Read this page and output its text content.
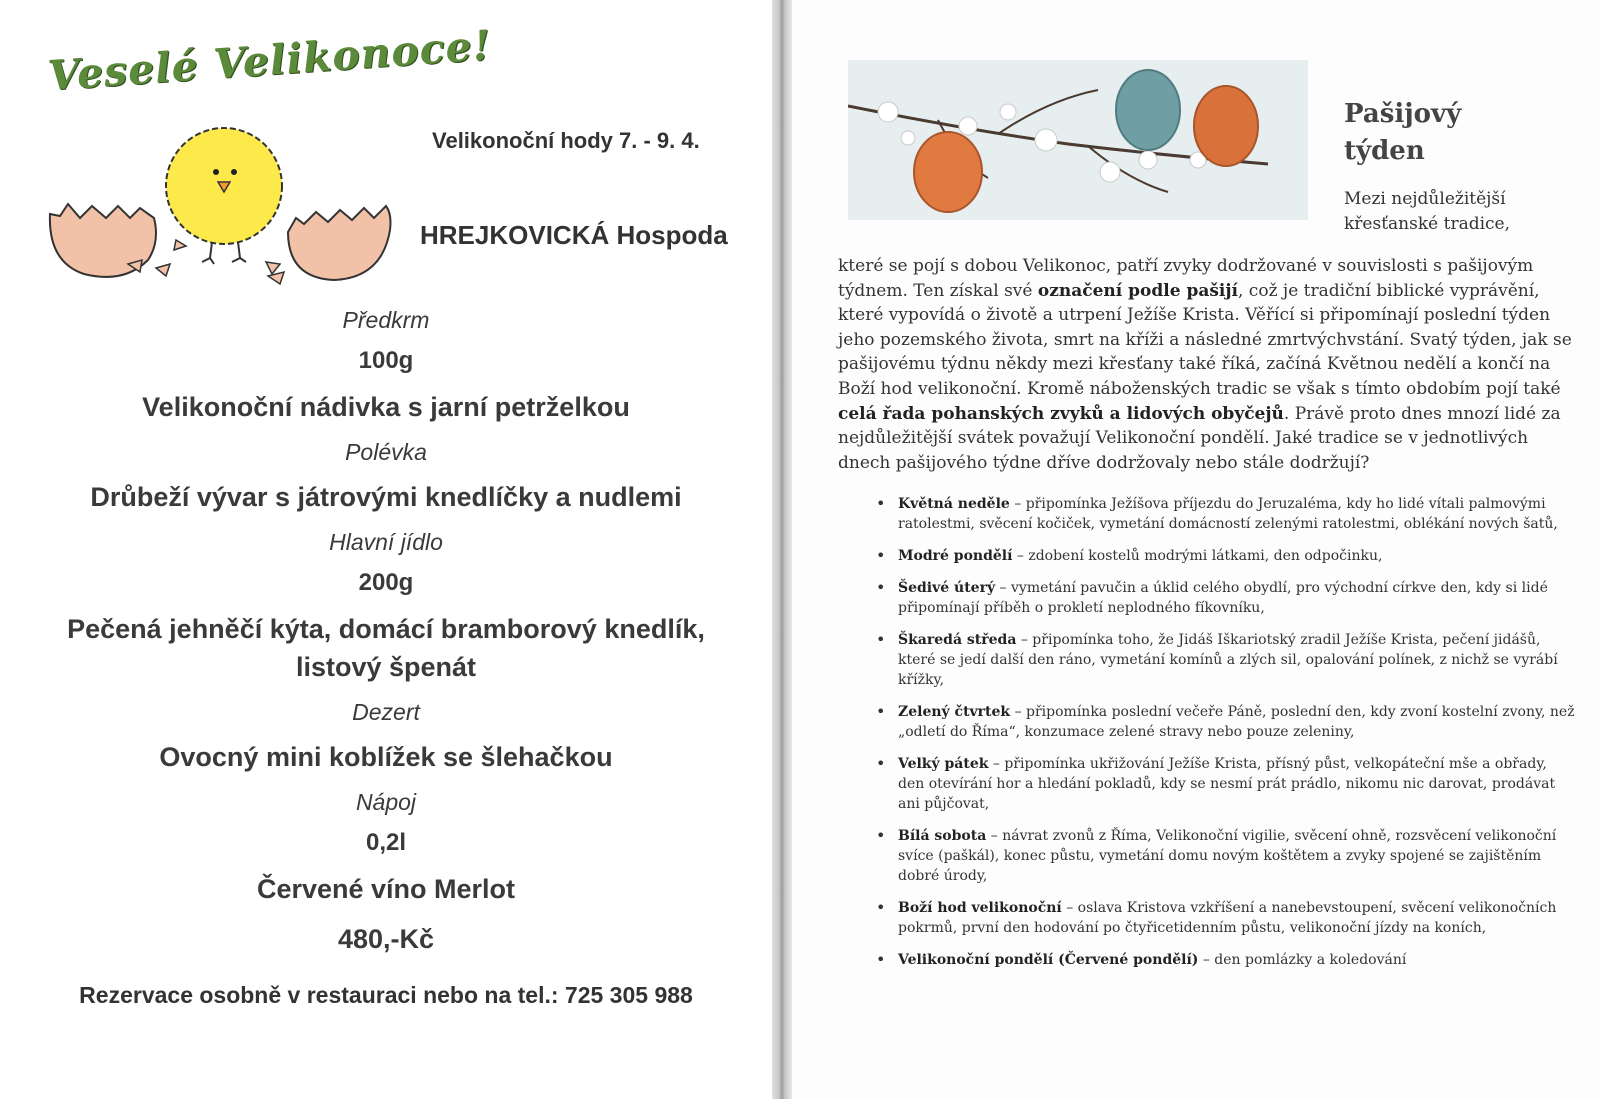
Veselé Velikonoce!
Velikonoční hody 7. - 9. 4.
HREJKOVICKÁ Hospoda
Předkrm
100g
Velikonoční nádivka s jarní petrželkou
Polévka
Drůbeží vývar s játrovými knedlíčky a nudlemi
Hlavní jídlo
200g
Pečená jehněčí kýta, domácí bramborový knedlík,
listový špenát
Dezert
Ovocný mini koblížek se šlehačkou
Nápoj
0,2l
Červené víno Merlot
480,-Kč
Rezervace osobně v restauraci nebo na tel.: 725 305 988
Pašijový
týden
Mezi nejdůležitější křesťanské tradice,

které se pojí s dobou Velikonoc, patří zvyky dodržované v souvislosti s pašijovým týdnem. Ten získal své označení podle pašijí, což je tradiční biblické vyprávění, které vypovídá o životě a utrpení Ježíše Krista. Věřící si připomínají poslední týden jeho pozemského života, smrt na kříži a následné zmrtvýchvstání. Svatý týden, jak se pašijovému týdnu někdy mezi křesťany také říká, začíná Květnou nedělí a končí na Boží hod velikonoční. Kromě náboženských tradic se však s tímto obdobím pojí také celá řada pohanských zvyků a lidových obyčejů. Právě proto dnes mnozí lidé za nejdůležitější svátek považují Velikonoční pondělí. Jaké tradice se v jednotlivých dnech pašijového týdne dříve dodržovaly nebo stále dodržují?

• Květná neděle – připomínka Ježíšova příjezdu do Jeruzaléma, kdy ho lidé vítali palmovými ratolestmi, svěcení kočiček, vymetání domácností zelenými ratolestmi, oblékání nových šatů,
• Modré pondělí – zdobení kostelů modrými látkami, den odpočinku,
• Šedivé úterý – vymetání pavučin a úklid celého obydlí, pro východní církve den, kdy si lidé připomínají příběh o prokletí neplodného fíkovníku,
• Škaredá středa – připomínka toho, že Jidáš Iškariotský zradil Ježíše Krista, pečení jidášů, které se jedí další den ráno, vymetání komínů a zlých sil, opalování polínek, z nichž se vyrábí křížky,
• Zelený čtvrtek – připomínka poslední večeře Páně, poslední den, kdy zvoní kostelní zvony, než „odletí do Říma“, konzumace zelené stravy nebo pouze zeleniny,
• Velký pátek – připomínka ukřižování Ježíše Krista, přísný půst, velkopáteční mše a obřady, den otevírání hor a hledání pokladů, kdy se nesmí prát prádlo, nikomu nic darovat, prodávat ani půjčovat,
• Bílá sobota – návrat zvonů z Říma, Velikonoční vigilie, svěcení ohně, rozsvěcení velikonoční svíce (paškál), konec půstu, vymetání domu novým koštětem a zvyky spojené se zajištěním dobré úrody,
• Boží hod velikonoční – oslava Kristova vzkříšení a nanebevstoupení, svěcení velikonočních pokrmů, první den hodování po čtyřicetidenním půstu, velikonoční jízdy na koních,
• Velikonoční pondělí (Červené pondělí) – den pomlázky a koledování
